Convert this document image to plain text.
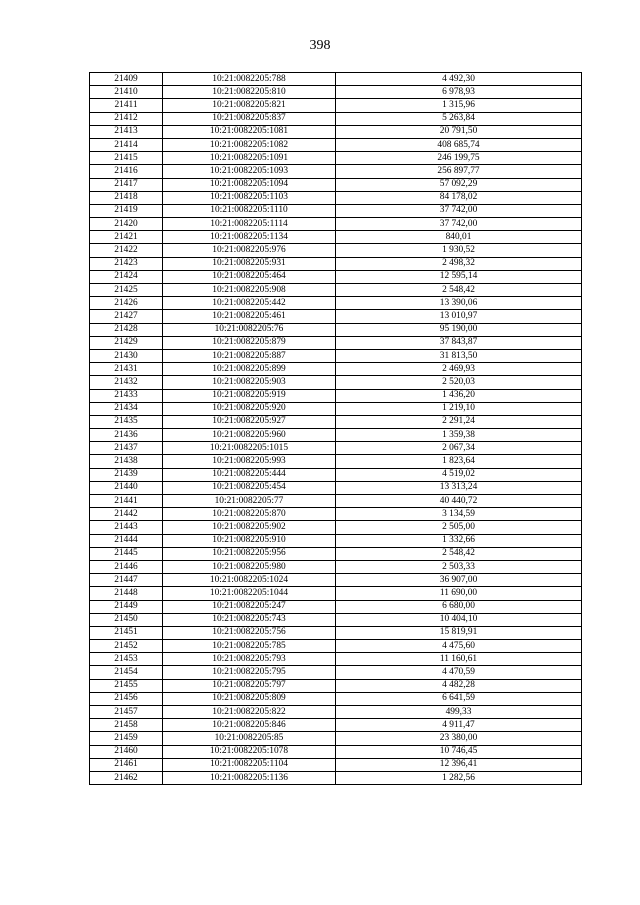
398
21409	10:21:0082205:788	4 492,30
21410	10:21:0082205:810	6 978,93
21411	10:21:0082205:821	1 315,96
21412	10:21:0082205:837	5 263,84
21413	10:21:0082205:1081	20 791,50
21414	10:21:0082205:1082	408 685,74
21415	10:21:0082205:1091	246 199,75
21416	10:21:0082205:1093	256 897,77
21417	10:21:0082205:1094	57 092,29
21418	10:21:0082205:1103	84 178,02
21419	10:21:0082205:1110	37 742,00
21420	10:21:0082205:1114	37 742,00
21421	10:21:0082205:1134	840,01
21422	10:21:0082205:976	1 930,52
21423	10:21:0082205:931	2 498,32
21424	10:21:0082205:464	12 595,14
21425	10:21:0082205:908	2 548,42
21426	10:21:0082205:442	13 390,06
21427	10:21:0082205:461	13 010,97
21428	10:21:0082205:76	95 190,00
21429	10:21:0082205:879	37 843,87
21430	10:21:0082205:887	31 813,50
21431	10:21:0082205:899	2 469,93
21432	10:21:0082205:903	2 520,03
21433	10:21:0082205:919	1 436,20
21434	10:21:0082205:920	1 219,10
21435	10:21:0082205:927	2 291,24
21436	10:21:0082205:960	1 359,38
21437	10:21:0082205:1015	2 067,34
21438	10:21:0082205:993	1 823,64
21439	10:21:0082205:444	4 519,02
21440	10:21:0082205:454	13 313,24
21441	10:21:0082205:77	40 440,72
21442	10:21:0082205:870	3 134,59
21443	10:21:0082205:902	2 505,00
21444	10:21:0082205:910	1 332,66
21445	10:21:0082205:956	2 548,42
21446	10:21:0082205:980	2 503,33
21447	10:21:0082205:1024	36 907,00
21448	10:21:0082205:1044	11 690,00
21449	10:21:0082205:247	6 680,00
21450	10:21:0082205:743	10 404,10
21451	10:21:0082205:756	15 819,91
21452	10:21:0082205:785	4 475,60
21453	10:21:0082205:793	11 160,61
21454	10:21:0082205:795	4 470,59
21455	10:21:0082205:797	4 482,28
21456	10:21:0082205:809	6 641,59
21457	10:21:0082205:822	499,33
21458	10:21:0082205:846	4 911,47
21459	10:21:0082205:85	23 380,00
21460	10:21:0082205:1078	10 746,45
21461	10:21:0082205:1104	12 396,41
21462	10:21:0082205:1136	1 282,56
